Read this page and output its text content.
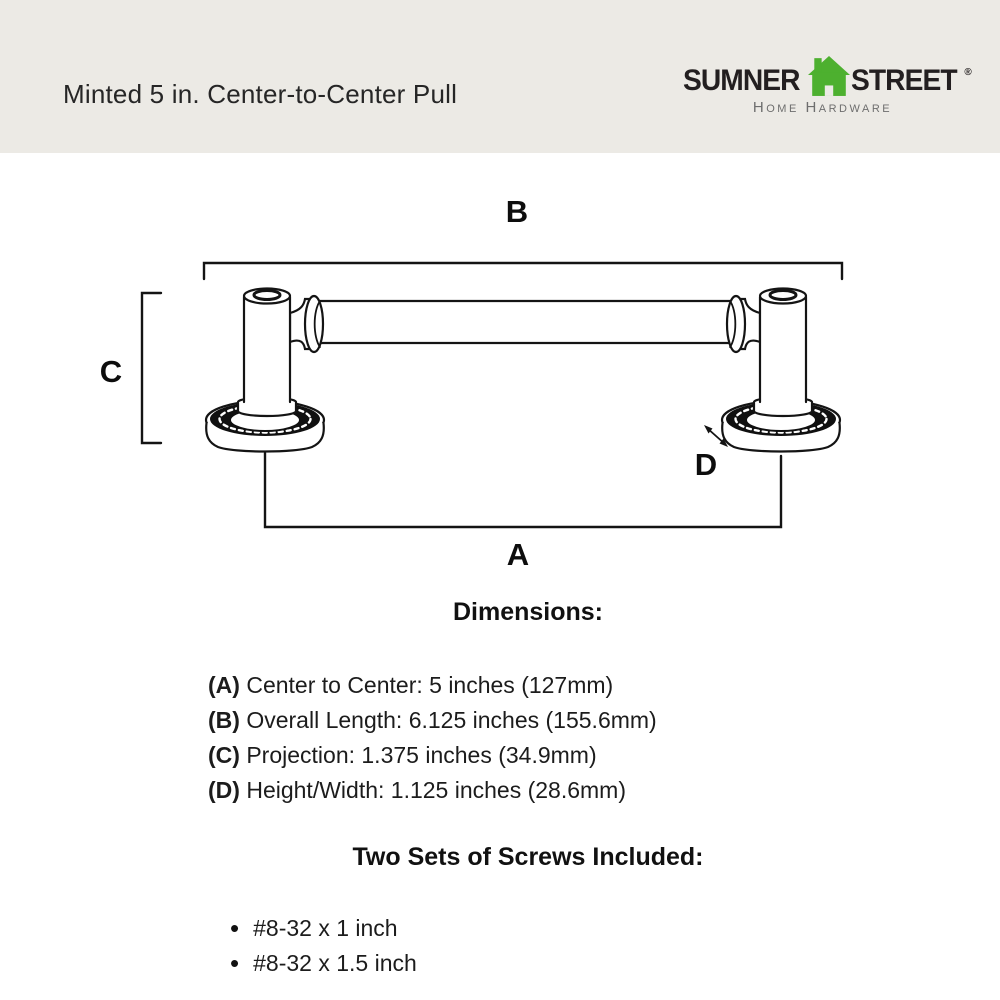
Minted 5 in. Center-to-Center Pull	SUMNER STREET ®
Home Hardware
B
C
A
D
Dimensions:
(A) Center to Center: 5 inches (127mm)
(B) Overall Length: 6.125 inches (155.6mm)
(C) Projection: 1.375 inches (34.9mm)
(D) Height/Width: 1.125 inches (28.6mm)
Two Sets of Screws Included:
• #8-32 x 1 inch
• #8-32 x 1.5 inch
